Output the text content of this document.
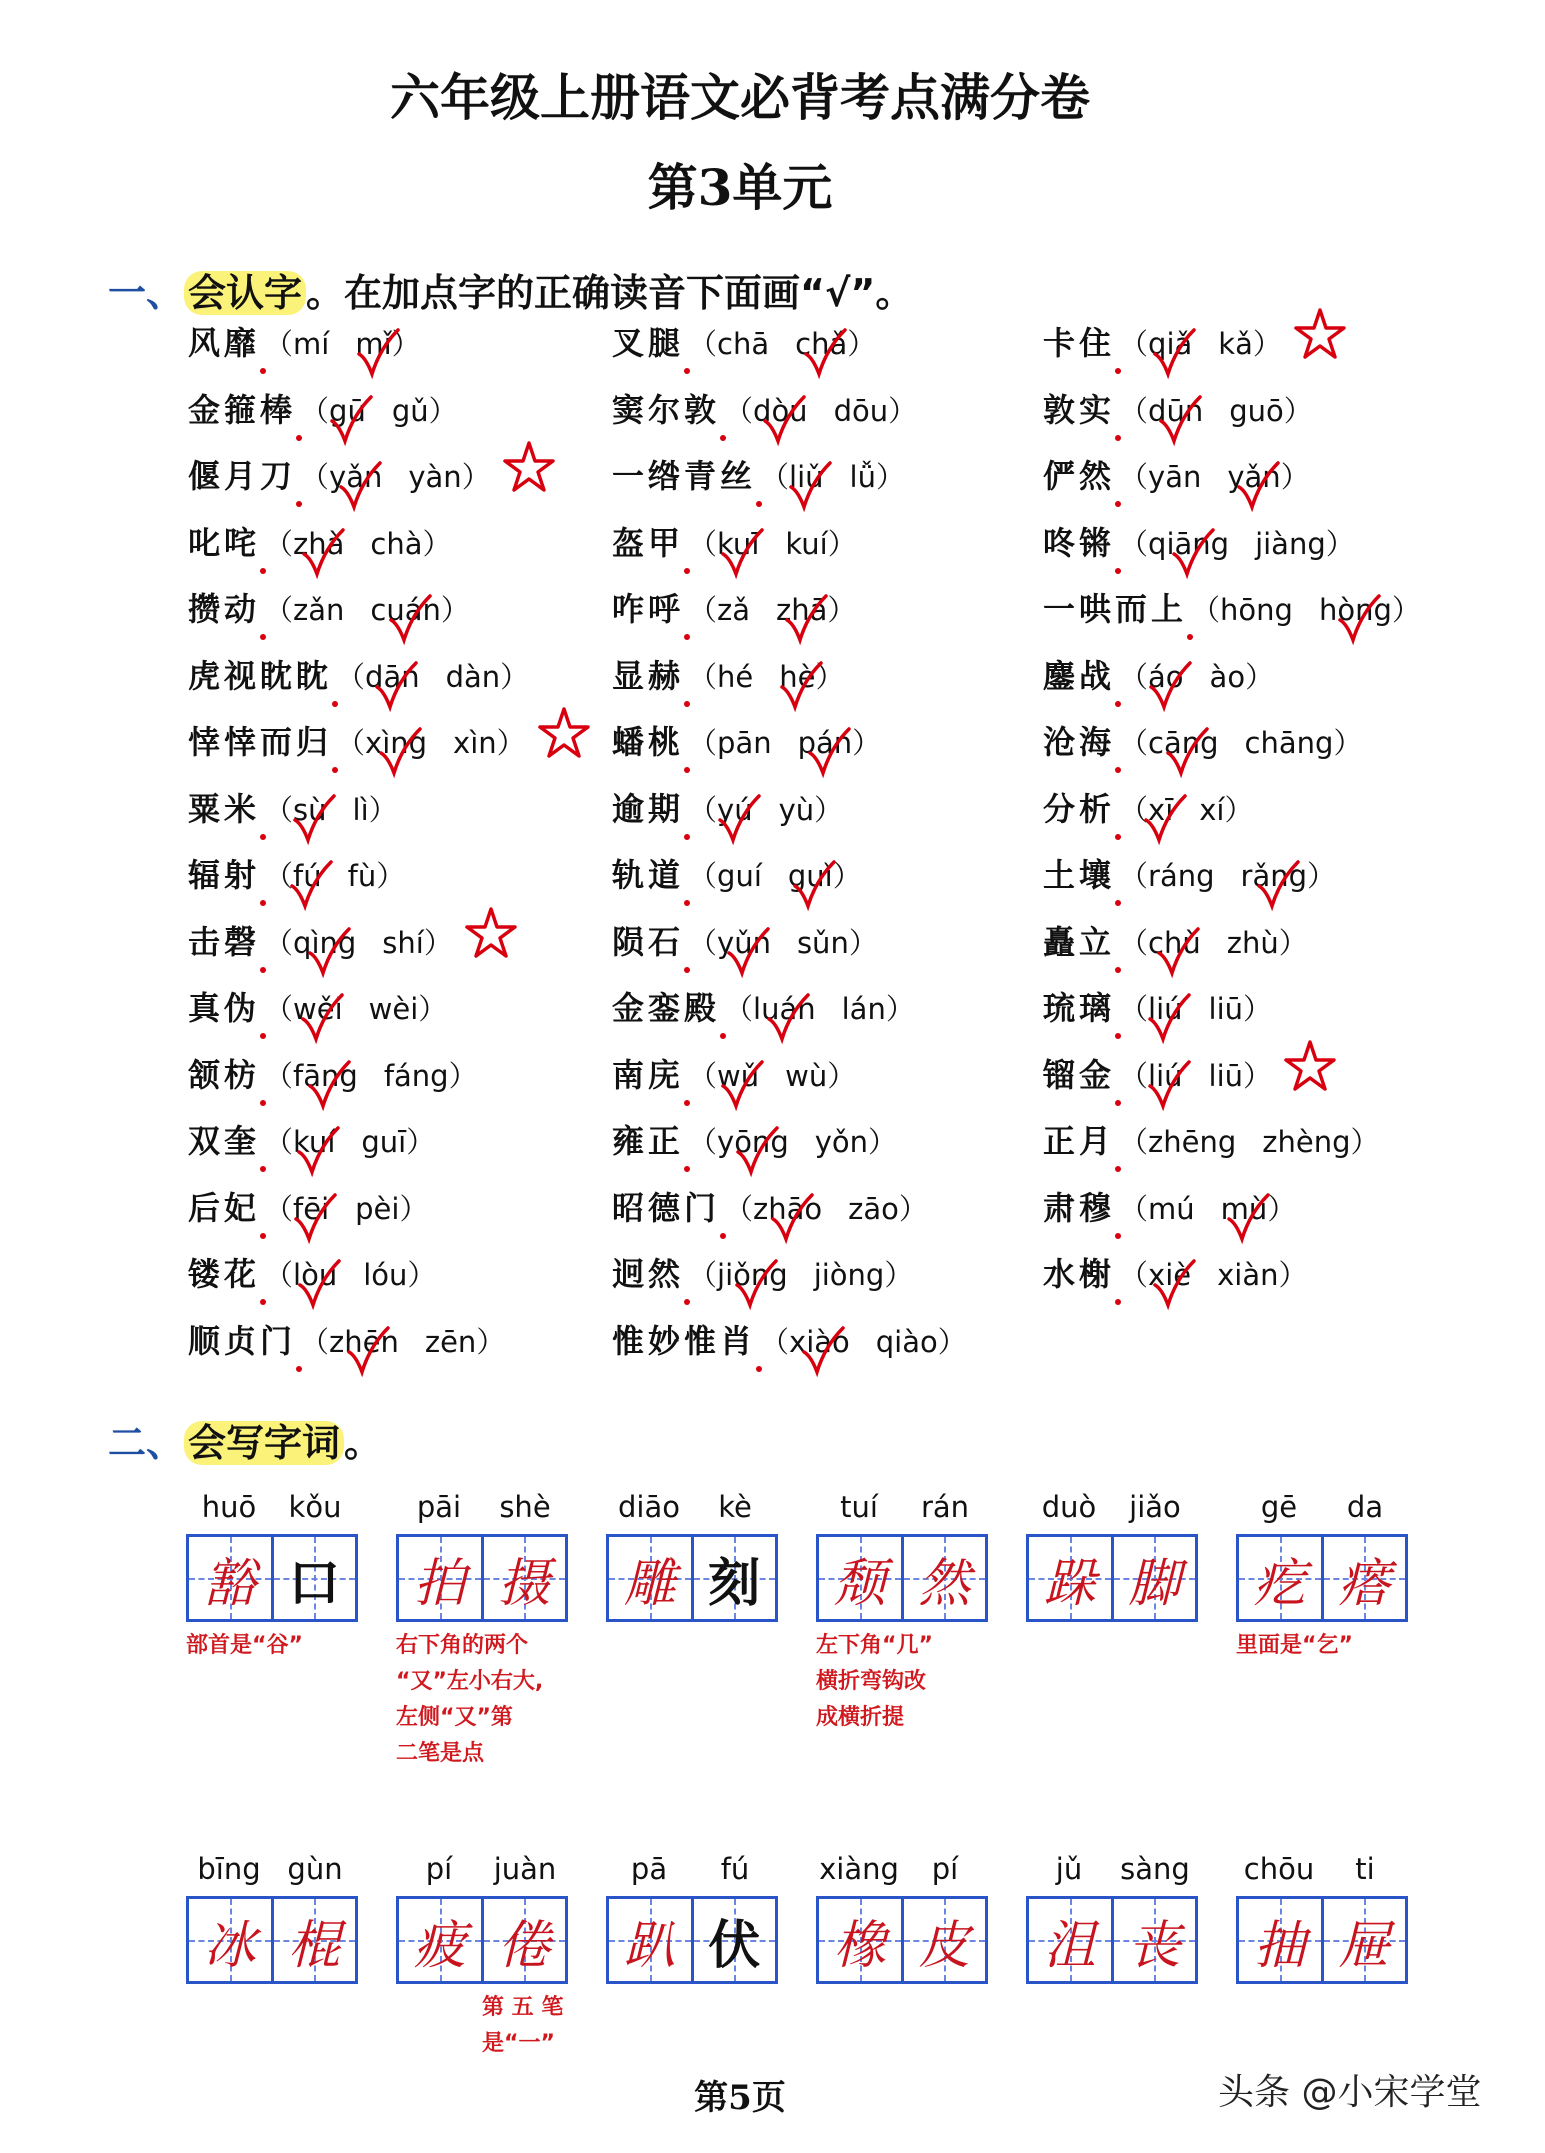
六年级上册语文必背考点满分卷
第3单元
一、 会认字 。在加点字的正确读音下面画“√”。
风靡 （mí mǐ）
金箍棒 （gū gǔ）
偃月刀 （yǎn yàn）
叱咤 （zhà chà）
攒动 （zǎn cuán）
虎视眈眈 （dān dàn）
悻悻而归 （xìng xìn）
粟米 （sù lì）
辐射 （fú fù）
击磬 （qìng shí）
真伪 （wěi wèi）
颔枋 （fāng fáng）
双奎 （kuí guī）
后妃 （fēi pèi）
镂花 （lòu lóu）
顺贞门 （zhēn zēn）
叉腿 （chā chǎ）
窦尔敦 （dòu dōu）
一绺青丝 （liǔ lǚ）
盔甲 （kuī kuí）
咋呼 （zǎ zhā）
显赫 （hé hè）
蟠桃 （pān pán）
逾期 （yú yù）
轨道 （guí guǐ）
陨石 （yǔn sǔn）
金銮殿 （luán lán）
南庑 （wǔ wù）
雍正 （yōng yǒn）
昭德门 （zhāo zāo）
迥然 （jiǒng jiòng）
惟妙惟肖 （xiào qiào）
卡住 （qiǎ kǎ）
敦实 （dūn guō）
俨然 （yān yǎn）
咚锵 （qiāng jiàng）
一哄而上 （hōng hòng）
鏖战 （áo ào）
沧海 （cāng chāng）
分析 （xī xí）
土壤 （ráng rǎng）
矗立 （chù zhù）
琉璃 （liú liū）
镏金 （liú liū）
正月 （zhēng zhèng）
肃穆 （mú mù）
水榭 （xiè xiàn）
二、 会写字词 。
huō	kǒu
豁 口
部首是“谷”
pāi	shè
拍 摄
右下角的两个
“又”左小右大,
左侧“又”第
二笔是点
diāo	kè
雕 刻
tuí	rán
颓 然
左下角“几”
横折弯钩改
成横折提
duò	jiǎo
跺 脚
gē	da
疙 瘩
里面是“乞”
bīng gùn
冰 棍
pí	juàn
疲 倦
第 五 笔
是“一”
pā	fú
趴 伏
xiàng	pí
橡 皮
jǔ	sàng
沮 丧
chōu	ti
抽 屉
第5页	头条 @小宋学堂
